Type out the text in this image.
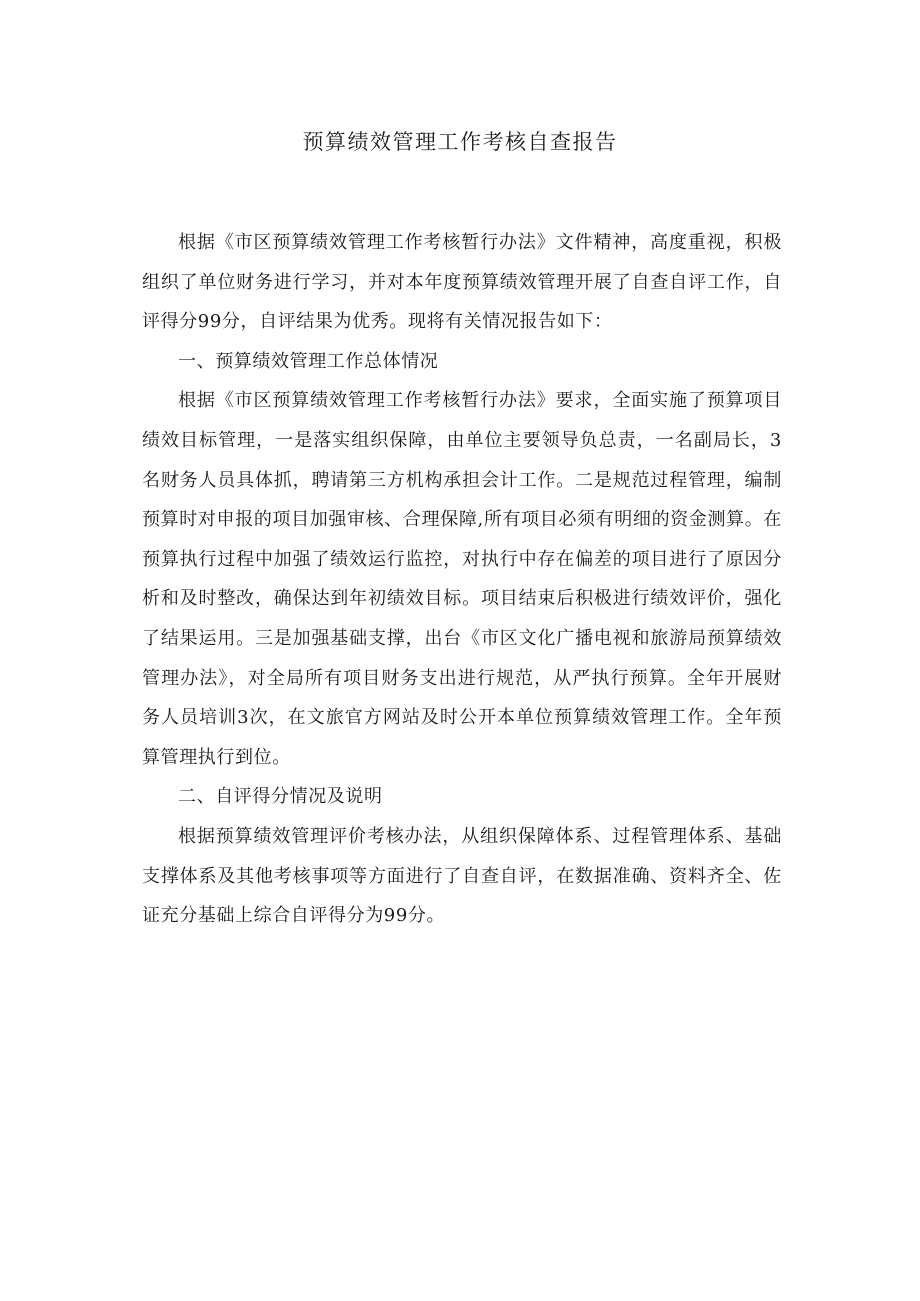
预算绩效管理工作考核自查报告

根据《市区预算绩效管理工作考核暂行办法》文件精神，高度重视，积极组织了单位财务进行学习，并对本年度预算绩效管理开展了自查自评工作，自评得分99分，自评结果为优秀。现将有关情况报告如下：

一、预算绩效管理工作总体情况

根据《市区预算绩效管理工作考核暂行办法》要求，全面实施了预算项目绩效目标管理，一是落实组织保障，由单位主要领导负总责，一名副局长，3名财务人员具体抓，聘请第三方机构承担会计工作。二是规范过程管理，编制预算时对申报的项目加强审核、合理保障,所有项目必须有明细的资金测算。在预算执行过程中加强了绩效运行监控，对执行中存在偏差的项目进行了原因分析和及时整改，确保达到年初绩效目标。项目结束后积极进行绩效评价，强化了结果运用。三是加强基础支撑，出台《市区文化广播电视和旅游局预算绩效管理办法》，对全局所有项目财务支出进行规范，从严执行预算。全年开展财务人员培训3次，在文旅官方网站及时公开本单位预算绩效管理工作。全年预算管理执行到位。

二、自评得分情况及说明

根据预算绩效管理评价考核办法，从组织保障体系、过程管理体系、基础支撑体系及其他考核事项等方面进行了自查自评，在数据准确、资料齐全、佐证充分基础上综合自评得分为99分。
